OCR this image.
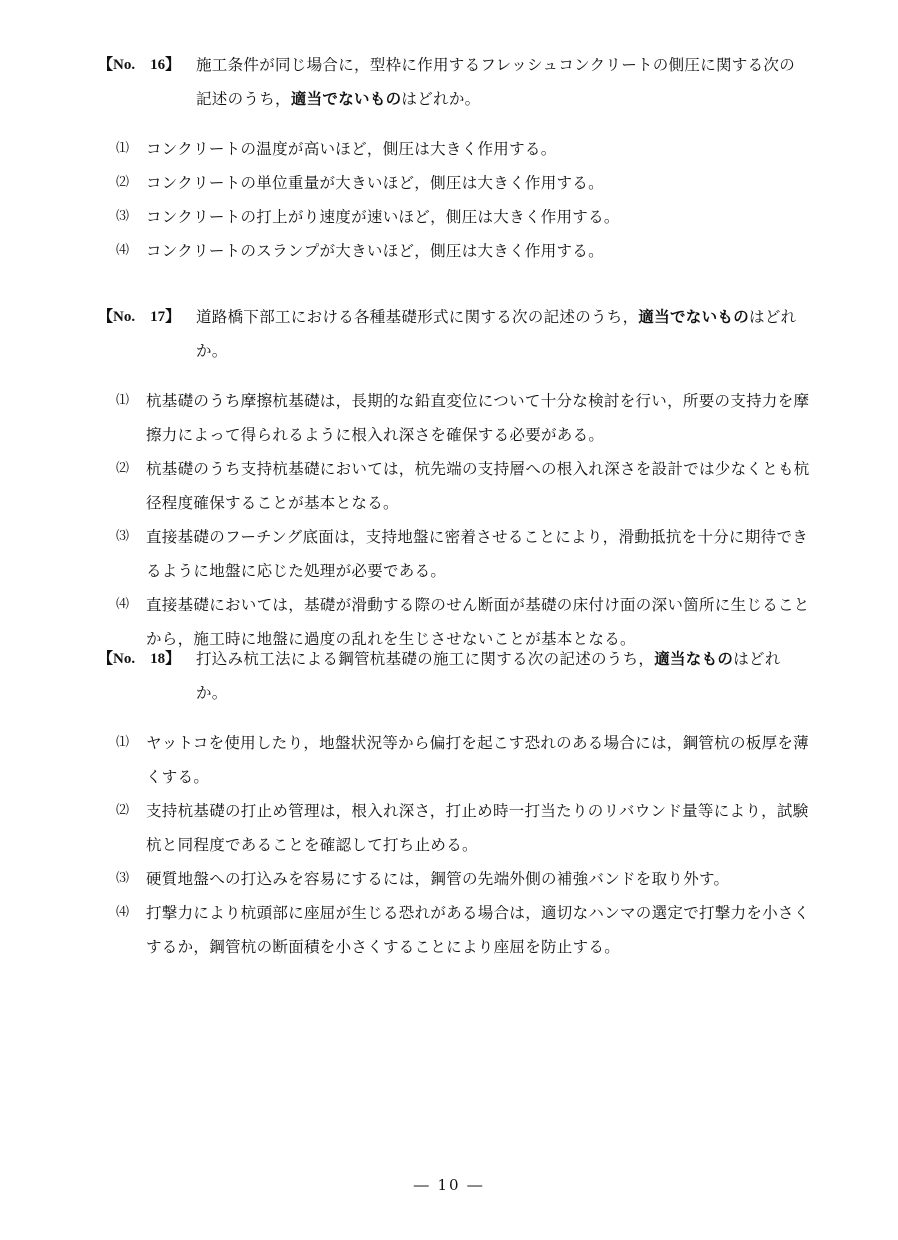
【No.　16】	施工条件が同じ場合に，型枠に作用するフレッシュコンクリートの側圧に関する次の記述のうち，適当でないものはどれか。
⑴	コンクリートの温度が高いほど，側圧は大きく作用する。
⑵	コンクリートの単位重量が大きいほど，側圧は大きく作用する。
⑶	コンクリートの打上がり速度が速いほど，側圧は大きく作用する。
⑷	コンクリートのスランプが大きいほど，側圧は大きく作用する。
【No.　17】	道路橋下部工における各種基礎形式に関する次の記述のうち，適当でないものはどれか。
⑴	杭基礎のうち摩擦杭基礎は，長期的な鉛直変位について十分な検討を行い，所要の支持力を摩擦力によって得られるように根入れ深さを確保する必要がある。
⑵	杭基礎のうち支持杭基礎においては，杭先端の支持層への根入れ深さを設計では少なくとも杭径程度確保することが基本となる。
⑶	直接基礎のフーチング底面は，支持地盤に密着させることにより，滑動抵抗を十分に期待できるように地盤に応じた処理が必要である。
⑷	直接基礎においては，基礎が滑動する際のせん断面が基礎の床付け面の深い箇所に生じることから，施工時に地盤に過度の乱れを生じさせないことが基本となる。
【No.　18】	打込み杭工法による鋼管杭基礎の施工に関する次の記述のうち，適当なものはどれか。
⑴	ヤットコを使用したり，地盤状況等から偏打を起こす恐れのある場合には，鋼管杭の板厚を薄くする。
⑵	支持杭基礎の打止め管理は，根入れ深さ，打止め時一打当たりのリバウンド量等により，試験杭と同程度であることを確認して打ち止める。
⑶	硬質地盤への打込みを容易にするには，鋼管の先端外側の補強バンドを取り外す。
⑷	打撃力により杭頭部に座屈が生じる恐れがある場合は，適切なハンマの選定で打撃力を小さくするか，鋼管杭の断面積を小さくすることにより座屈を防止する。
― 10 ―
